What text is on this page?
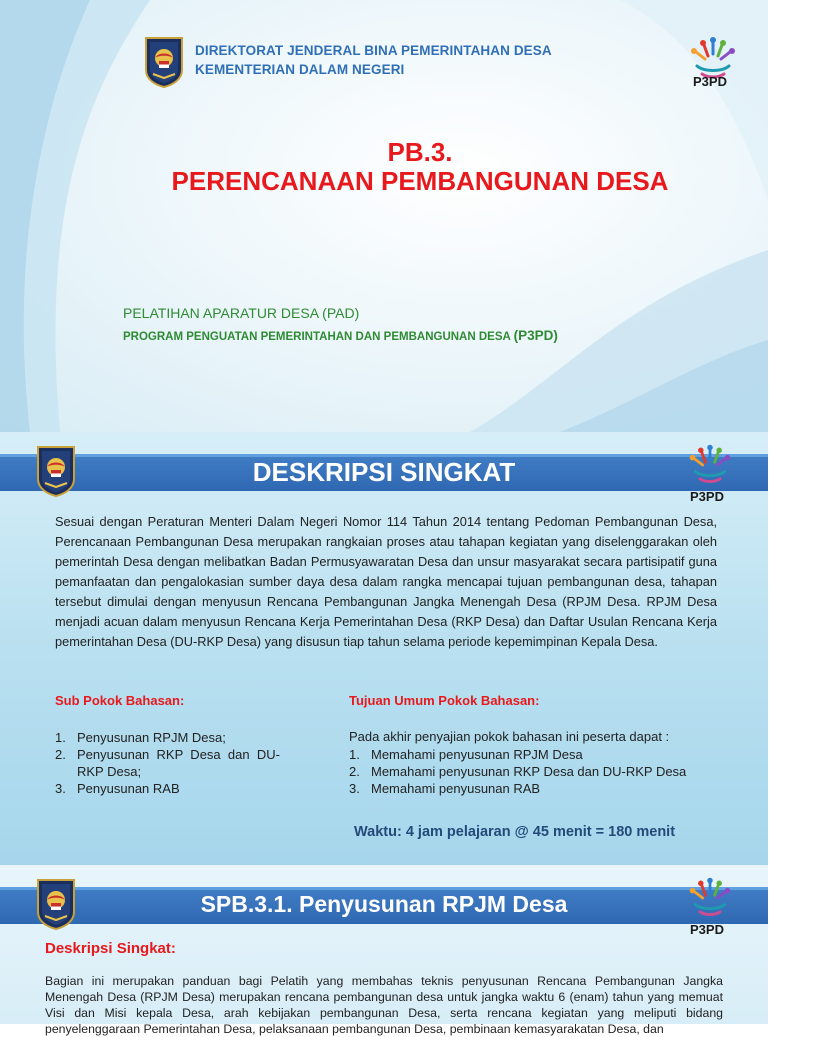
DIREKTORAT JENDERAL BINA PEMERINTAHAN DESA
KEMENTERIAN DALAM NEGERI
P3PD
PB.3.
PERENCANAAN PEMBANGUNAN DESA
PELATIHAN APARATUR DESA (PAD)
PROGRAM PENGUATAN PEMERINTAHAN DAN PEMBANGUNAN DESA (P3PD)
DESKRIPSI SINGKAT
P3PD

Sesuai dengan Peraturan Menteri Dalam Negeri Nomor 114 Tahun 2014 tentang Pedoman Pembangunan Desa, Perencanaan Pembangunan Desa merupakan rangkaian proses atau tahapan kegiatan yang diselenggarakan oleh pemerintah Desa dengan melibatkan Badan Permusyawaratan Desa dan unsur masyarakat secara partisipatif guna pemanfaatan dan pengalokasian sumber daya desa dalam rangka mencapai tujuan pembangunan desa, tahapan tersebut dimulai dengan menyusun Rencana Pembangunan Jangka Menengah Desa (RPJM Desa. RPJM Desa menjadi acuan dalam menyusun Rencana Kerja Pemerintahan Desa (RKP Desa) dan Daftar Usulan Rencana Kerja pemerintahan Desa (DU-RKP Desa) yang disusun tiap tahun selama periode kepemimpinan Kepala Desa.

Sub Pokok Bahasan:
1. Penyusunan RPJM Desa;
2. Penyusunan RKP Desa dan DU-RKP Desa;
3. Penyusunan RAB
Tujuan Umum Pokok Bahasan:
Pada akhir penyajian pokok bahasan ini peserta dapat :
1. Memahami penyusunan RPJM Desa
2. Memahami penyusunan RKP Desa dan DU-RKP Desa
3. Memahami penyusunan RAB
Waktu: 4 jam pelajaran @ 45 menit = 180 menit
SPB.3.1. Penyusunan RPJM Desa
P3PD
Deskripsi Singkat:

Bagian ini merupakan panduan bagi Pelatih yang membahas teknis penyusunan Rencana Pembangunan Jangka Menengah Desa (RPJM Desa) merupakan rencana pembangunan desa untuk jangka waktu 6 (enam) tahun yang memuat Visi dan Misi kepala Desa, arah kebijakan pembangunan Desa, serta rencana kegiatan yang meliputi bidang penyelenggaraan Pemerintahan Desa, pelaksanaan pembangunan Desa, pembinaan kemasyarakatan Desa, dan
